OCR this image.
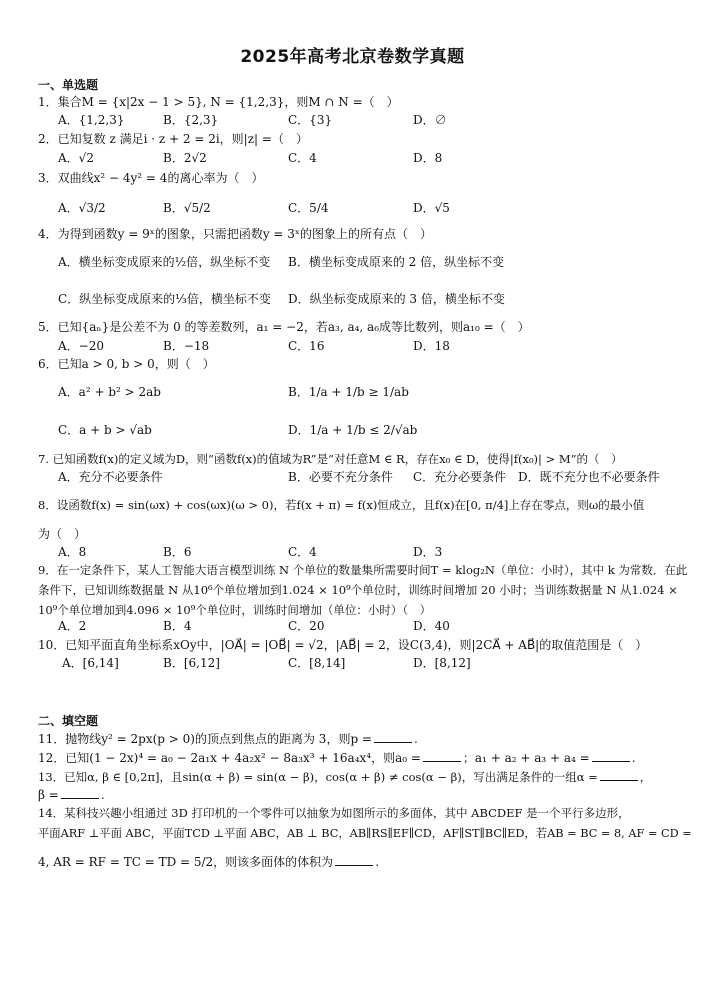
2025年高考北京卷数学真题
一、单选题
1．集合M = {x|2x − 1 > 5}, N = {1,2,3}，则M ∩ N =（　）
A．{1,2,3}	B．{2,3}	C．{3}	D．∅
2．已知复数 z 满足i · z + 2 = 2i，则|z| =（　）
A．√2	B．2√2	C．4	D．8
3．双曲线x² − 4y² = 4的离心率为（　）
A．√3/2	B．√5/2	C．5/4	D．√5
4．为得到函数y = 9ˣ的图象，只需把函数y = 3ˣ的图象上的所有点（　）
A．横坐标变成原来的½倍，纵坐标不变 B．横坐标变成原来的 2 倍，纵坐标不变
C．纵坐标变成原来的⅓倍，横坐标不变 D．纵坐标变成原来的 3 倍，横坐标不变
5．已知{aₙ}是公差不为 0 的等差数列，a₁ = −2，若a₃, a₄, a₆成等比数列，则a₁₀ =（　）
A．−20	B．−18	C．16	D．18
6．已知a > 0, b > 0，则（　）
A．a² + b² > 2ab	B．1/a + 1/b ≥ 1/ab
C．a + b > √ab	D．1/a + 1/b ≤ 2/√ab
7. 已知函数f(x)的定义域为D，则“函数f(x)的值域为R”是“对任意M ∈ R，存在x₀ ∈ D，使得|f(x₀)| > M”的（　）
A．充分不必要条件	B．必要不充分条件 C．充分必要条件 D．既不充分也不必要条件
8．设函数f(x) = sin(ωx) + cos(ωx)(ω > 0)，若f(x + π) = f(x)恒成立，且f(x)在[0, π/4]上存在零点，则ω的最小值
为（　）
A．8	B．6	C．4	D．3
9．在一定条件下，某人工智能大语言模型训练 N 个单位的数量集所需要时间T = klog₂N（单位：小时），其中 k 为常数．在此条件下，已知训练数据量 N 从10⁶个单位增加到1.024 × 10⁹个单位时，训练时间增加 20 小时；当训练数据量 N 从1.024 × 10⁹个单位增加到4.096 × 10⁹个单位时，训练时间增加（单位：小时）（　）
A．2	B．4	C．20	D．40
10．已知平面直角坐标系xOy中，|OA⃗| = |OB⃗| = √2，|AB⃗| = 2，设C(3,4)，则|2CA⃗ + AB⃗|的取值范围是（　）
A．[6,14]	B．[6,12]	C．[8,14]	D．[8,12]
二、填空题
11．抛物线y² = 2px(p > 0)的顶点到焦点的距离为 3，则p =	.
12．已知(1 − 2x)⁴ = a₀ − 2a₁x + 4a₂x² − 8a₃x³ + 16a₄x⁴，则a₀ =	；a₁ + a₂ + a₃ + a₄ =	.
13．已知α, β ∈ [0,2π]，且sin(α + β) = sin(α − β)，cos(α + β) ≠ cos(α − β)，写出满足条件的一组α =	，
β =	.
14．某科技兴趣小组通过 3D 打印机的一个零件可以抽象为如图所示的多面体，其中 ABCDEF 是一个平行多边形，
平面ARF ⊥平面 ABC，平面TCD ⊥平面 ABC，AB ⊥ BC，AB∥RS∥EF∥CD，AF∥ST∥BC∥ED，若AB = BC = 8, AF = CD =
4, AR = RF = TC = TD = 5/2，则该多面体的体积为	.
